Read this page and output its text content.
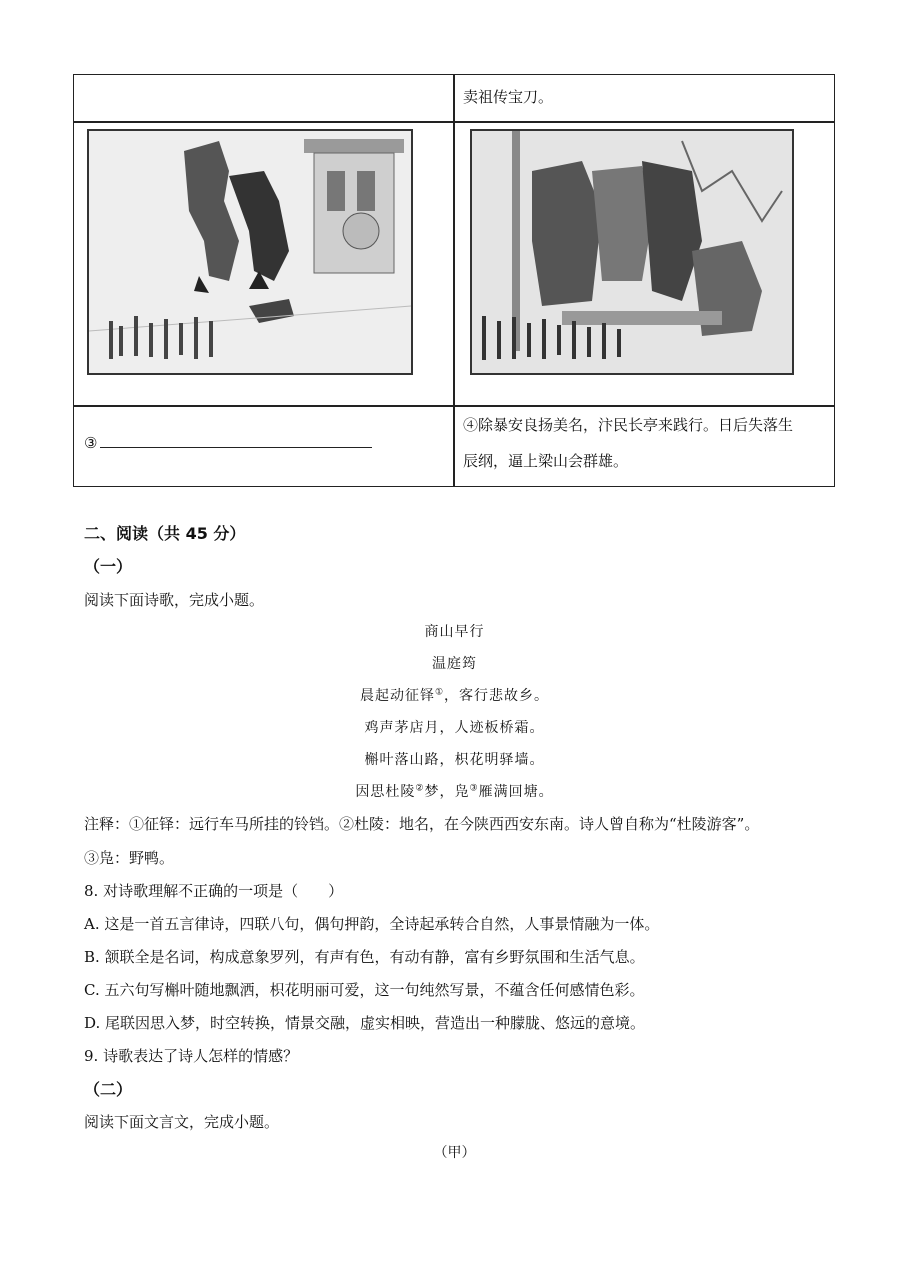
卖祖传宝刀。
③
④除暴安良扬美名，汴民长亭来践行。日后失落生
辰纲，逼上梁山会群雄。
二、阅读（共 45 分）
（一）
阅读下面诗歌，完成小题。
商山早行
温庭筠
晨起动征铎①，客行悲故乡。
鸡声茅店月，人迹板桥霜。
槲叶落山路，枳花明驿墙。
因思杜陵②梦，凫③雁满回塘。
注释：①征铎：远行车马所挂的铃铛。②杜陵：地名，在今陕西西安东南。诗人曾自称为“杜陵游客”。
③凫：野鸭。
8. 对诗歌理解不正确的一项是（　　）
A. 这是一首五言律诗，四联八句，偶句押韵，全诗起承转合自然，人事景情融为一体。
B. 颔联全是名词，构成意象罗列，有声有色，有动有静，富有乡野氛围和生活气息。
C. 五六句写槲叶随地飘洒，枳花明丽可爱，这一句纯然写景，不蕴含任何感情色彩。
D. 尾联因思入梦，时空转换，情景交融，虚实相映，营造出一种朦胧、悠远的意境。
9. 诗歌表达了诗人怎样的情感？
（二）
阅读下面文言文，完成小题。
（甲）
